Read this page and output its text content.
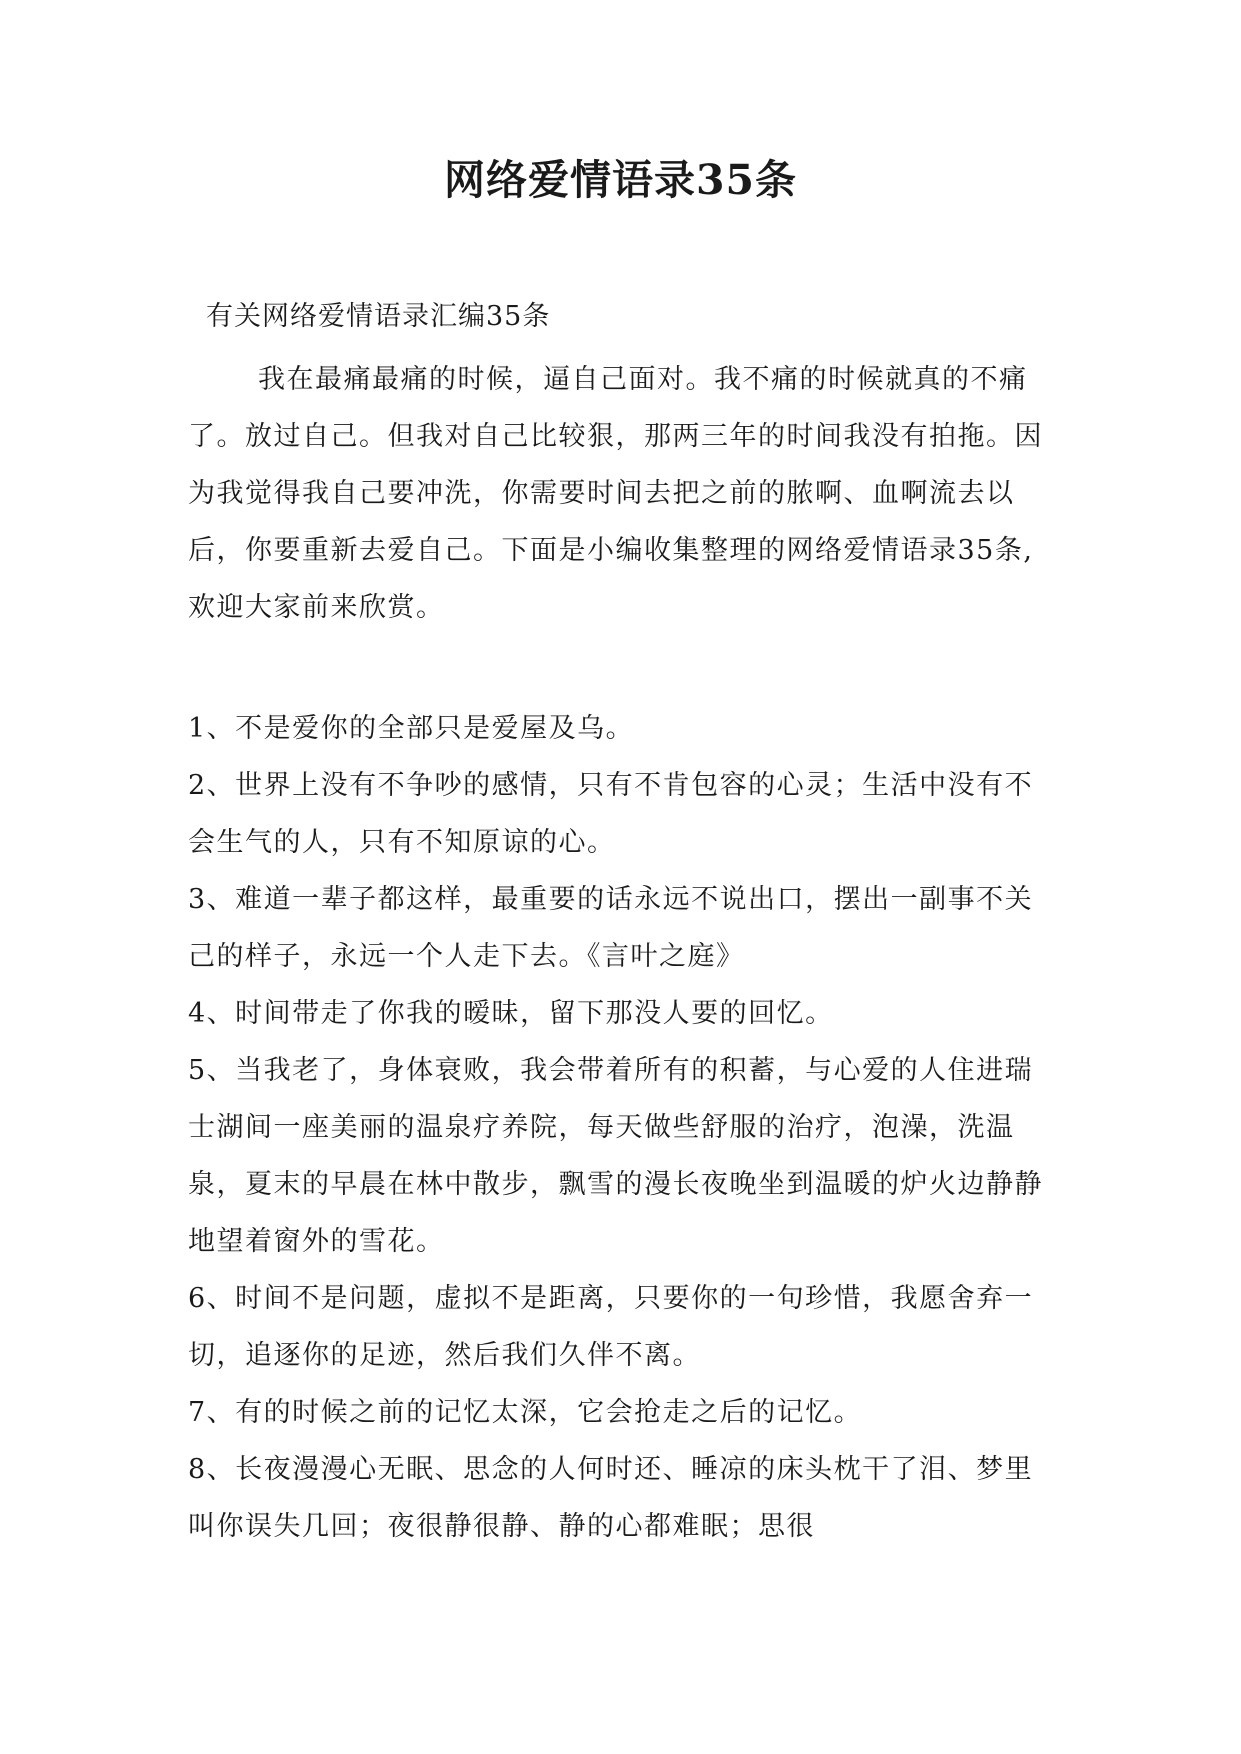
网络爱情语录35条
有关网络爱情语录汇编35条
我在最痛最痛的时候，逼自己面对。我不痛的时候就真的不痛了。放过自己。但我对自己比较狠，那两三年的时间我没有拍拖。因为我觉得我自己要冲洗，你需要时间去把之前的脓啊、血啊流去以后，你要重新去爱自己。下面是小编收集整理的网络爱情语录35条,欢迎大家前来欣赏。

1、不是爱你的全部只是爱屋及乌。

2、世界上没有不争吵的感情，只有不肯包容的心灵；生活中没有不会生气的人，只有不知原谅的心。

3、难道一辈子都这样，最重要的话永远不说出口，摆出一副事不关己的样子，永远一个人走下去。《言叶之庭》

4、时间带走了你我的暧昧，留下那没人要的回忆。

5、当我老了，身体衰败，我会带着所有的积蓄，与心爱的人住进瑞士湖间一座美丽的温泉疗养院，每天做些舒服的治疗，泡澡，洗温泉，夏末的早晨在林中散步，飘雪的漫长夜晚坐到温暖的炉火边静静地望着窗外的雪花。

6、时间不是问题，虚拟不是距离，只要你的一句珍惜，我愿舍弃一切，追逐你的足迹，然后我们久伴不离。

7、有的时候之前的记忆太深，它会抢走之后的记忆。

8、长夜漫漫心无眠、思念的人何时还、睡凉的床头枕干了泪、梦里叫你误失几回；夜很静很静、静的心都难眠；思很
